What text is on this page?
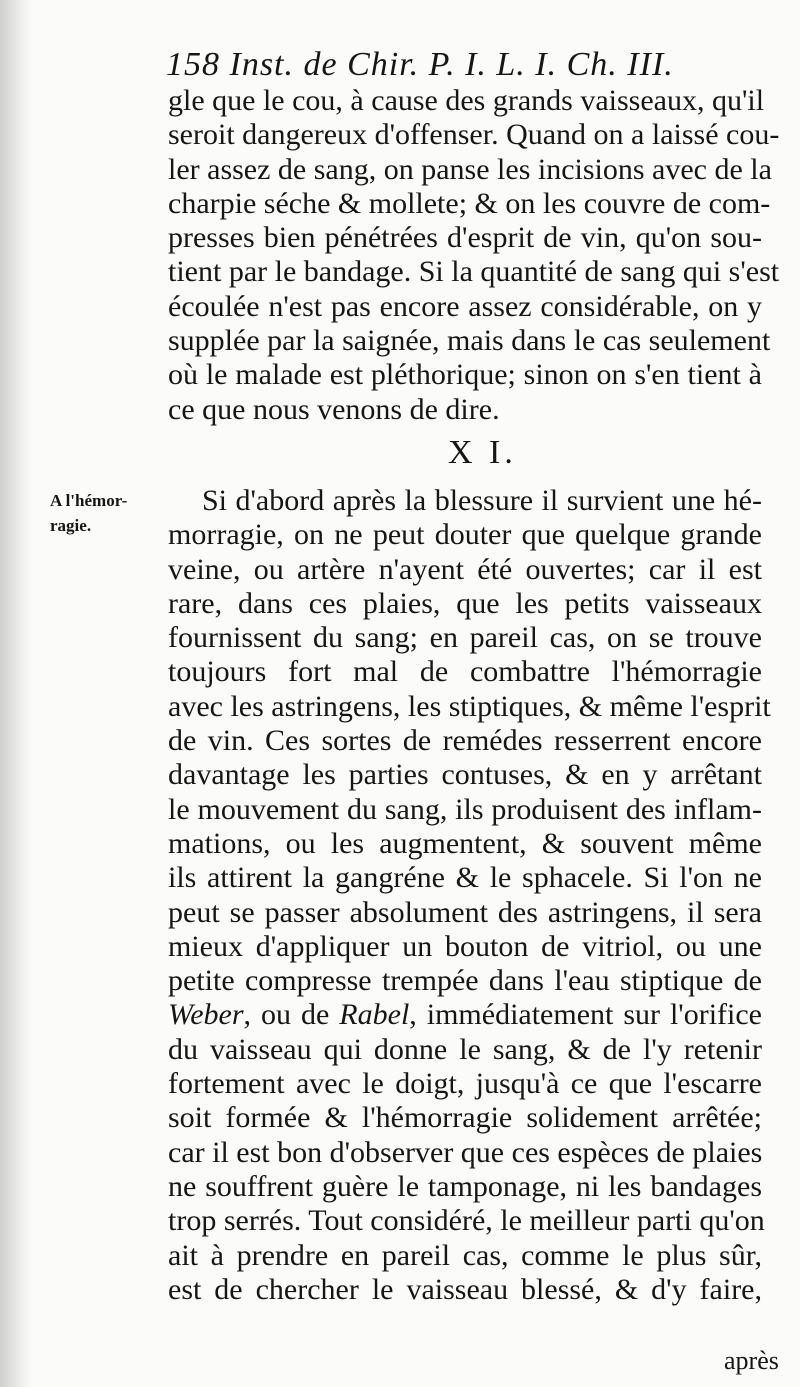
158 Inst. de Chir. P. I. L. I. Ch. III.
gle que le cou, à cause des grands vaisseaux, qu'il
seroit dangereux d'offenser. Quand on a laissé cou-
ler assez de sang, on panse les incisions avec de la
charpie séche & mollete; & on les couvre de com-
presses bien pénétrées d'esprit de vin, qu'on sou-
tient par le bandage. Si la quantité de sang qui s'est
écoulée n'est pas encore assez considérable, on y
supplée par la saignée, mais dans le cas seulement
où le malade est pléthorique; sinon on s'en tient à
ce que nous venons de dire.
X I.
A l'hémor-
ragie.
Si d'abord après la blessure il survient une hé-
morragie, on ne peut douter que quelque grande
veine, ou artère n'ayent été ouvertes; car il est
rare, dans ces plaies, que les petits vaisseaux
fournissent du sang; en pareil cas, on se trouve
toujours fort mal de combattre l'hémorragie
avec les astringens, les stiptiques, & même l'esprit
de vin. Ces sortes de remédes resserrent encore
davantage les parties contuses, & en y arrêtant
le mouvement du sang, ils produisent des inflam-
mations, ou les augmentent, & souvent même
ils attirent la gangréne & le sphacele. Si l'on ne
peut se passer absolument des astringens, il sera
mieux d'appliquer un bouton de vitriol, ou une
petite compresse trempée dans l'eau stiptique de
Weber, ou de Rabel, immédiatement sur l'orifice
du vaisseau qui donne le sang, & de l'y retenir
fortement avec le doigt, jusqu'à ce que l'escarre
soit formée & l'hémorragie solidement arrêtée;
car il est bon d'observer que ces espèces de plaies
ne souffrent guère le tamponage, ni les bandages
trop serrés. Tout considéré, le meilleur parti qu'on
ait à prendre en pareil cas, comme le plus sûr,
est de chercher le vaisseau blessé, & d'y faire,
après
